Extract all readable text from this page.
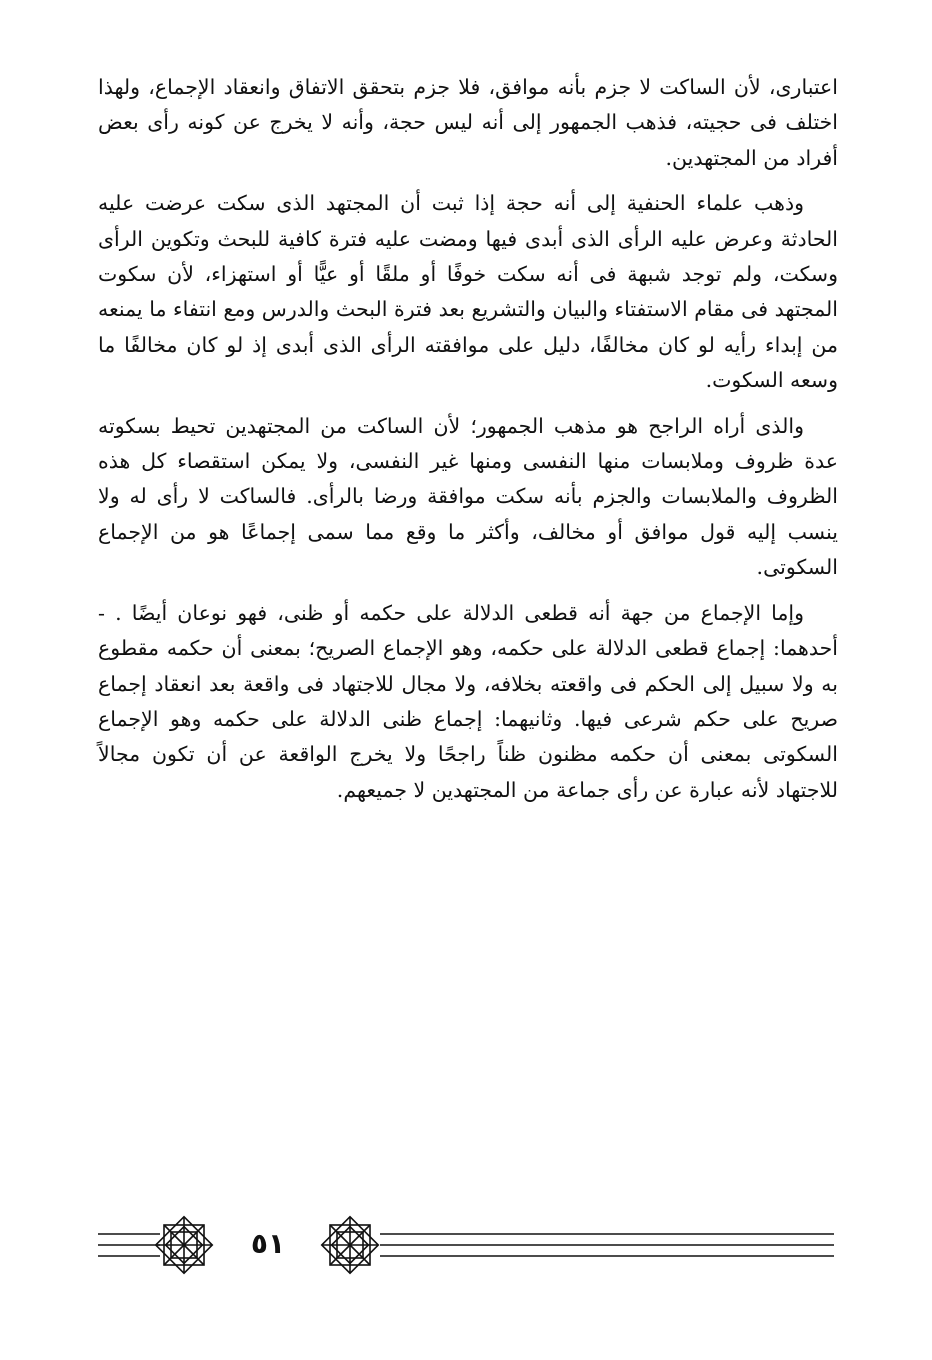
اعتبارى، لأن الساكت لا جزم بأنه موافق، فلا جزم بتحقق الاتفاق وانعقاد الإجماع، ولهذا اختلف فى حجيته، فذهب الجمهور إلى أنه ليس حجة، وأنه لا يخرج عن كونه رأى بعض أفراد من المجتهدين.

وذهب علماء الحنفية إلى أنه حجة إذا ثبت أن المجتهد الذى سكت عرضت عليه الحادثة وعرض عليه الرأى الذى أبدى فيها ومضت عليه فترة كافية للبحث وتكوين الرأى وسكت، ولم توجد شبهة فى أنه سكت خوفًا أو ملقًا أو عيًّا أو استهزاء، لأن سكوت المجتهد فى مقام الاستفتاء والبيان والتشريع بعد فترة البحث والدرس ومع انتفاء ما يمنعه من إبداء رأيه لو كان مخالفًا، دليل على موافقته الرأى الذى أبدى إذ لو كان مخالفًا ما وسعه السكوت.

والذى أراه الراجح هو مذهب الجمهور؛ لأن الساكت من المجتهدين تحيط بسكوته عدة ظروف وملابسات منها النفسى ومنها غير النفسى، ولا يمكن استقصاء كل هذه الظروف والملابسات والجزم بأنه سكت موافقة ورضا بالرأى. فالساكت لا رأى له ولا ينسب إليه قول موافق أو مخالف، وأكثر ما وقع مما سمى إجماعًا هو من الإجماع السكوتى.

وإما الإجماع من جهة أنه قطعى الدلالة على حكمه أو ظنى، فهو نوعان أيضًا . - أحدهما: إجماع قطعى الدلالة على حكمه، وهو الإجماع الصريح؛ بمعنى أن حكمه مقطوع به ولا سبيل إلى الحكم فى واقعته بخلافه، ولا مجال للاجتهاد فى واقعة بعد انعقاد إجماع صريح على حكم شرعى فيها. وثانيهما: إجماع ظنى الدلالة على حكمه وهو الإجماع السكوتى بمعنى أن حكمه مظنون ظناً راجحًا ولا يخرج الواقعة عن أن تكون مجالاً للاجتهاد لأنه عبارة عن رأى جماعة من المجتهدين لا جميعهم.

٥١
